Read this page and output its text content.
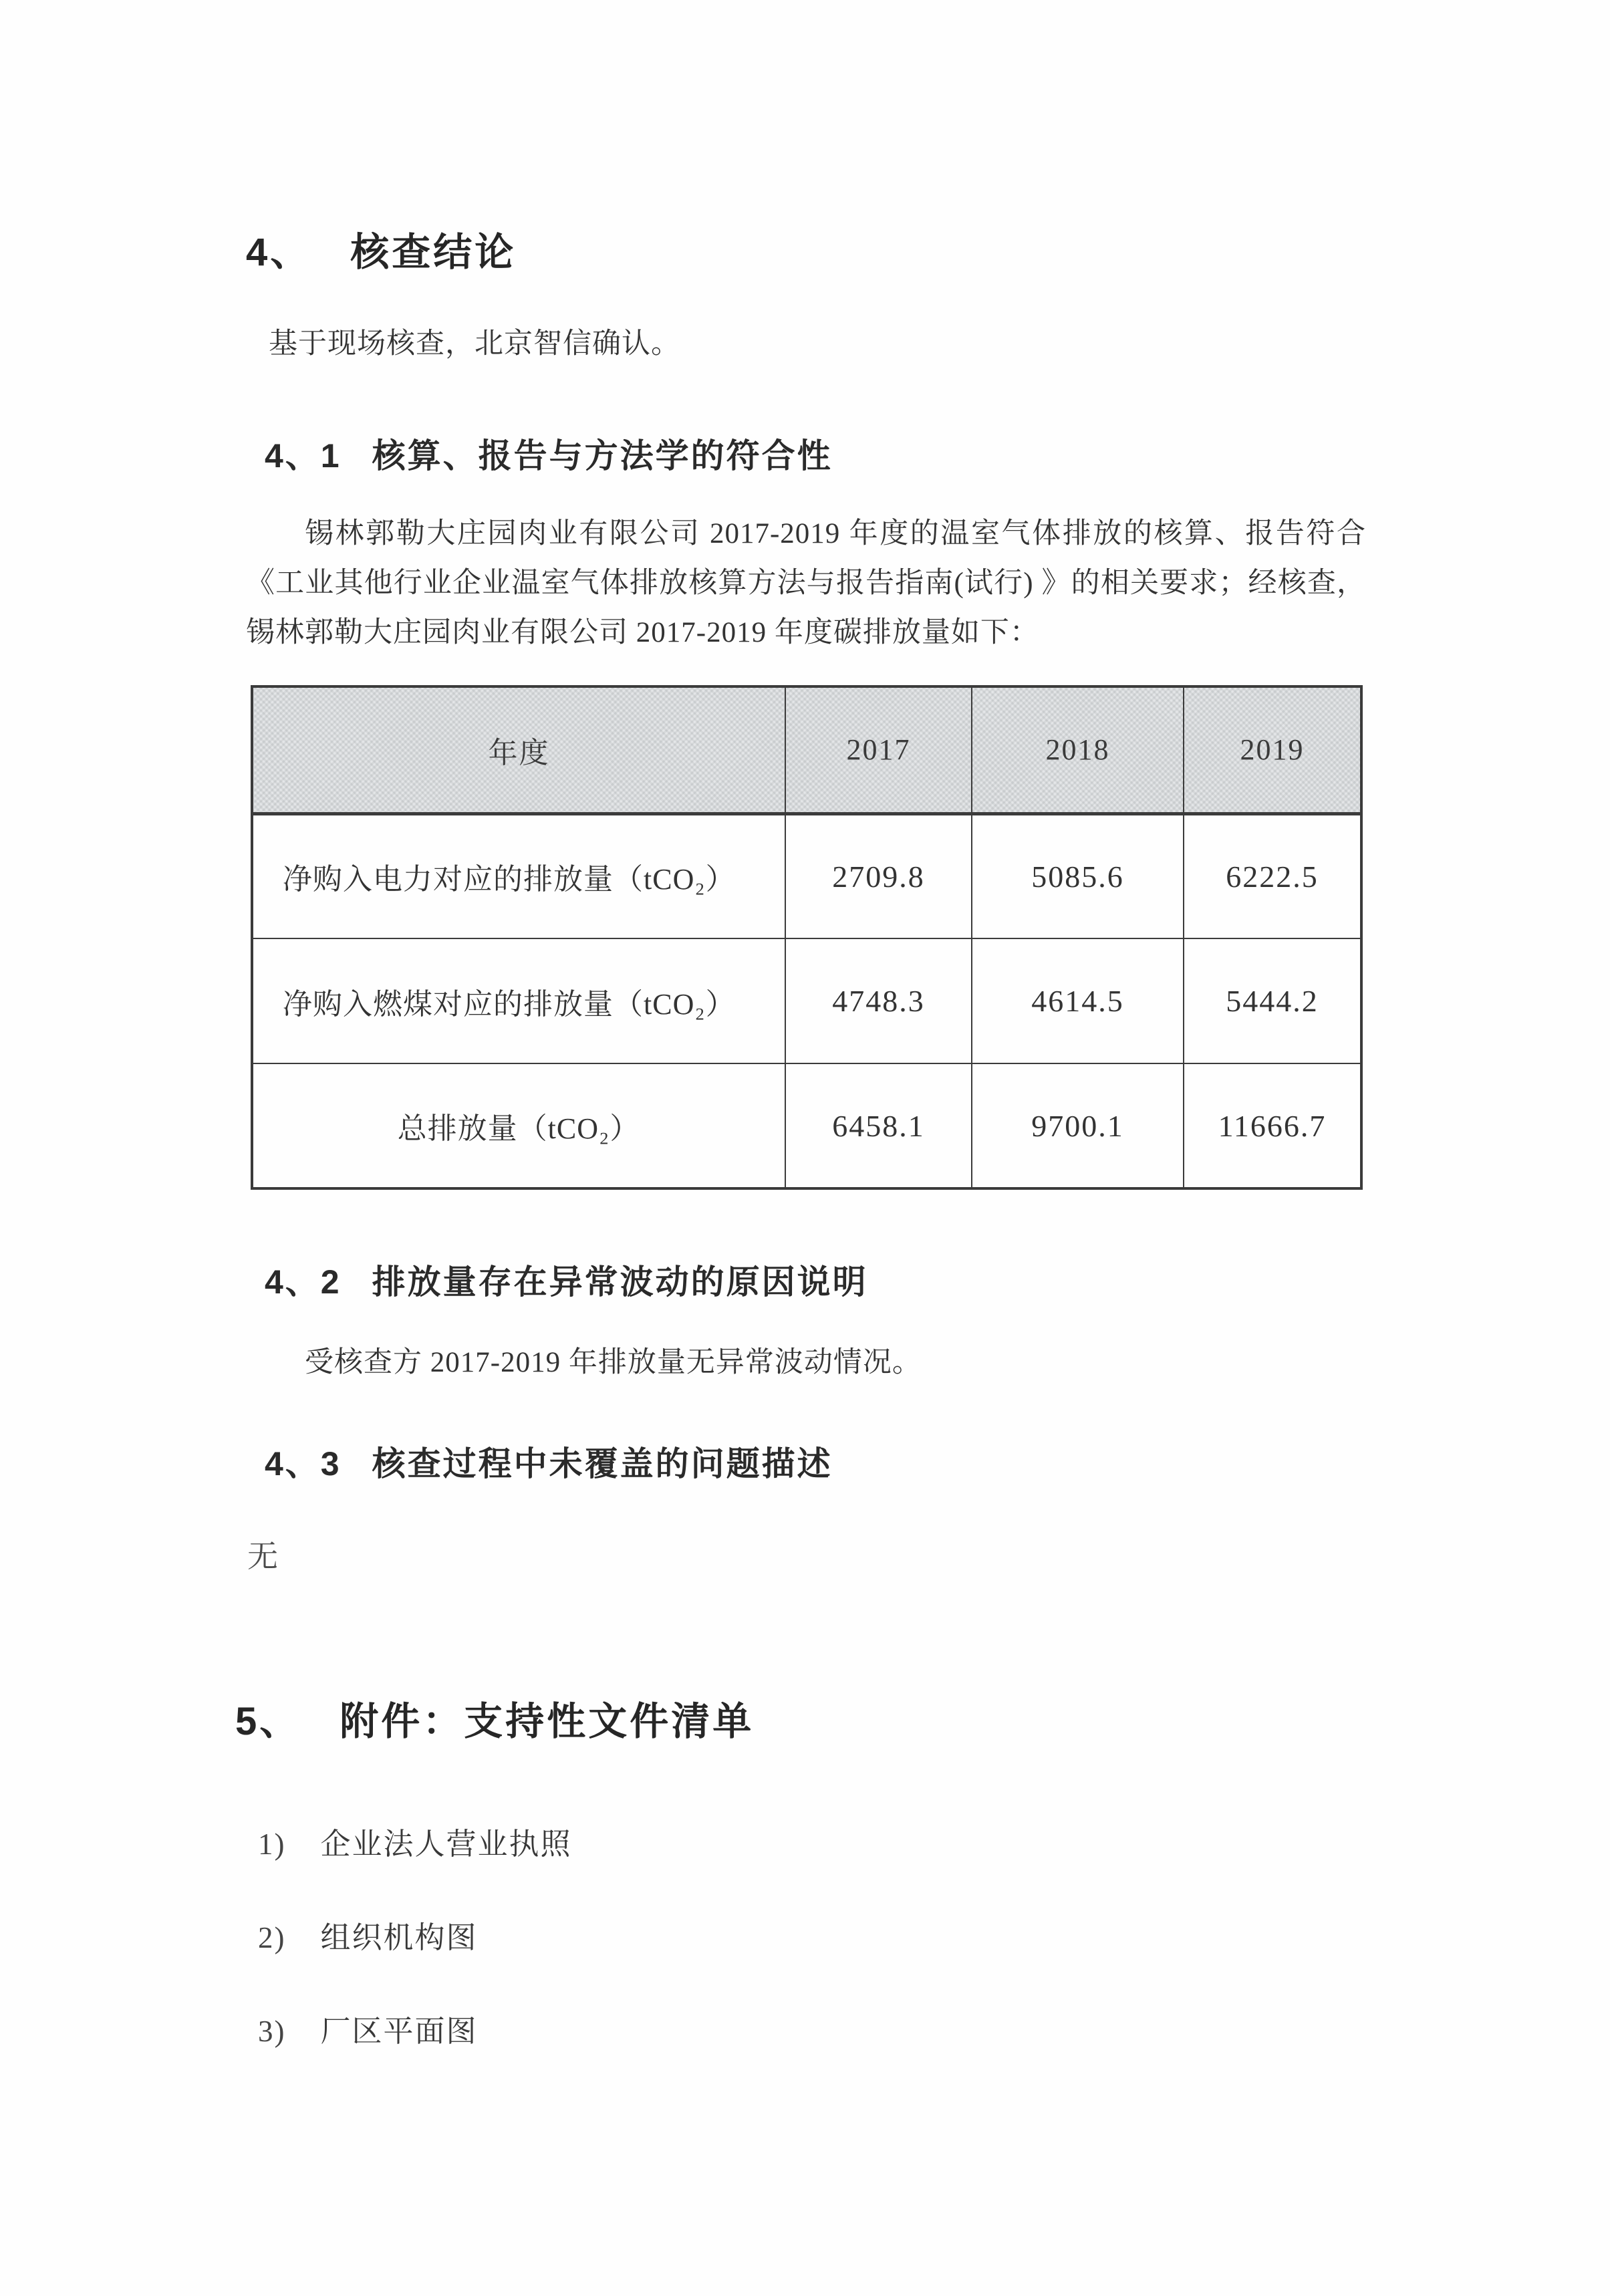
4、 核查结论

基于现场核查，北京智信确认。

4、1 核算、报告与方法学的符合性

锡林郭勒大庄园肉业有限公司 2017-2019 年度的温室气体排放的核算、报告符合《工业其他行业企业温室气体排放核算方法与报告指南(试行) 》的相关要求；经核查，锡林郭勒大庄园肉业有限公司 2017-2019 年度碳排放量如下：

年度	2017	2018	2019
净购入电力对应的排放量（tCO₂）	2709.8	5085.6	6222.5
净购入燃煤对应的排放量（tCO₂）	4748.3	4614.5	5444.2
总排放量（tCO₂）	6458.1	9700.1	11666.7
4、2 排放量存在异常波动的原因说明

受核查方 2017-2019 年排放量无异常波动情况。

4、3 核查过程中未覆盖的问题描述
无
5、 附件：支持性文件清单
1) 企业法人营业执照
2) 组织机构图
3) 厂区平面图
